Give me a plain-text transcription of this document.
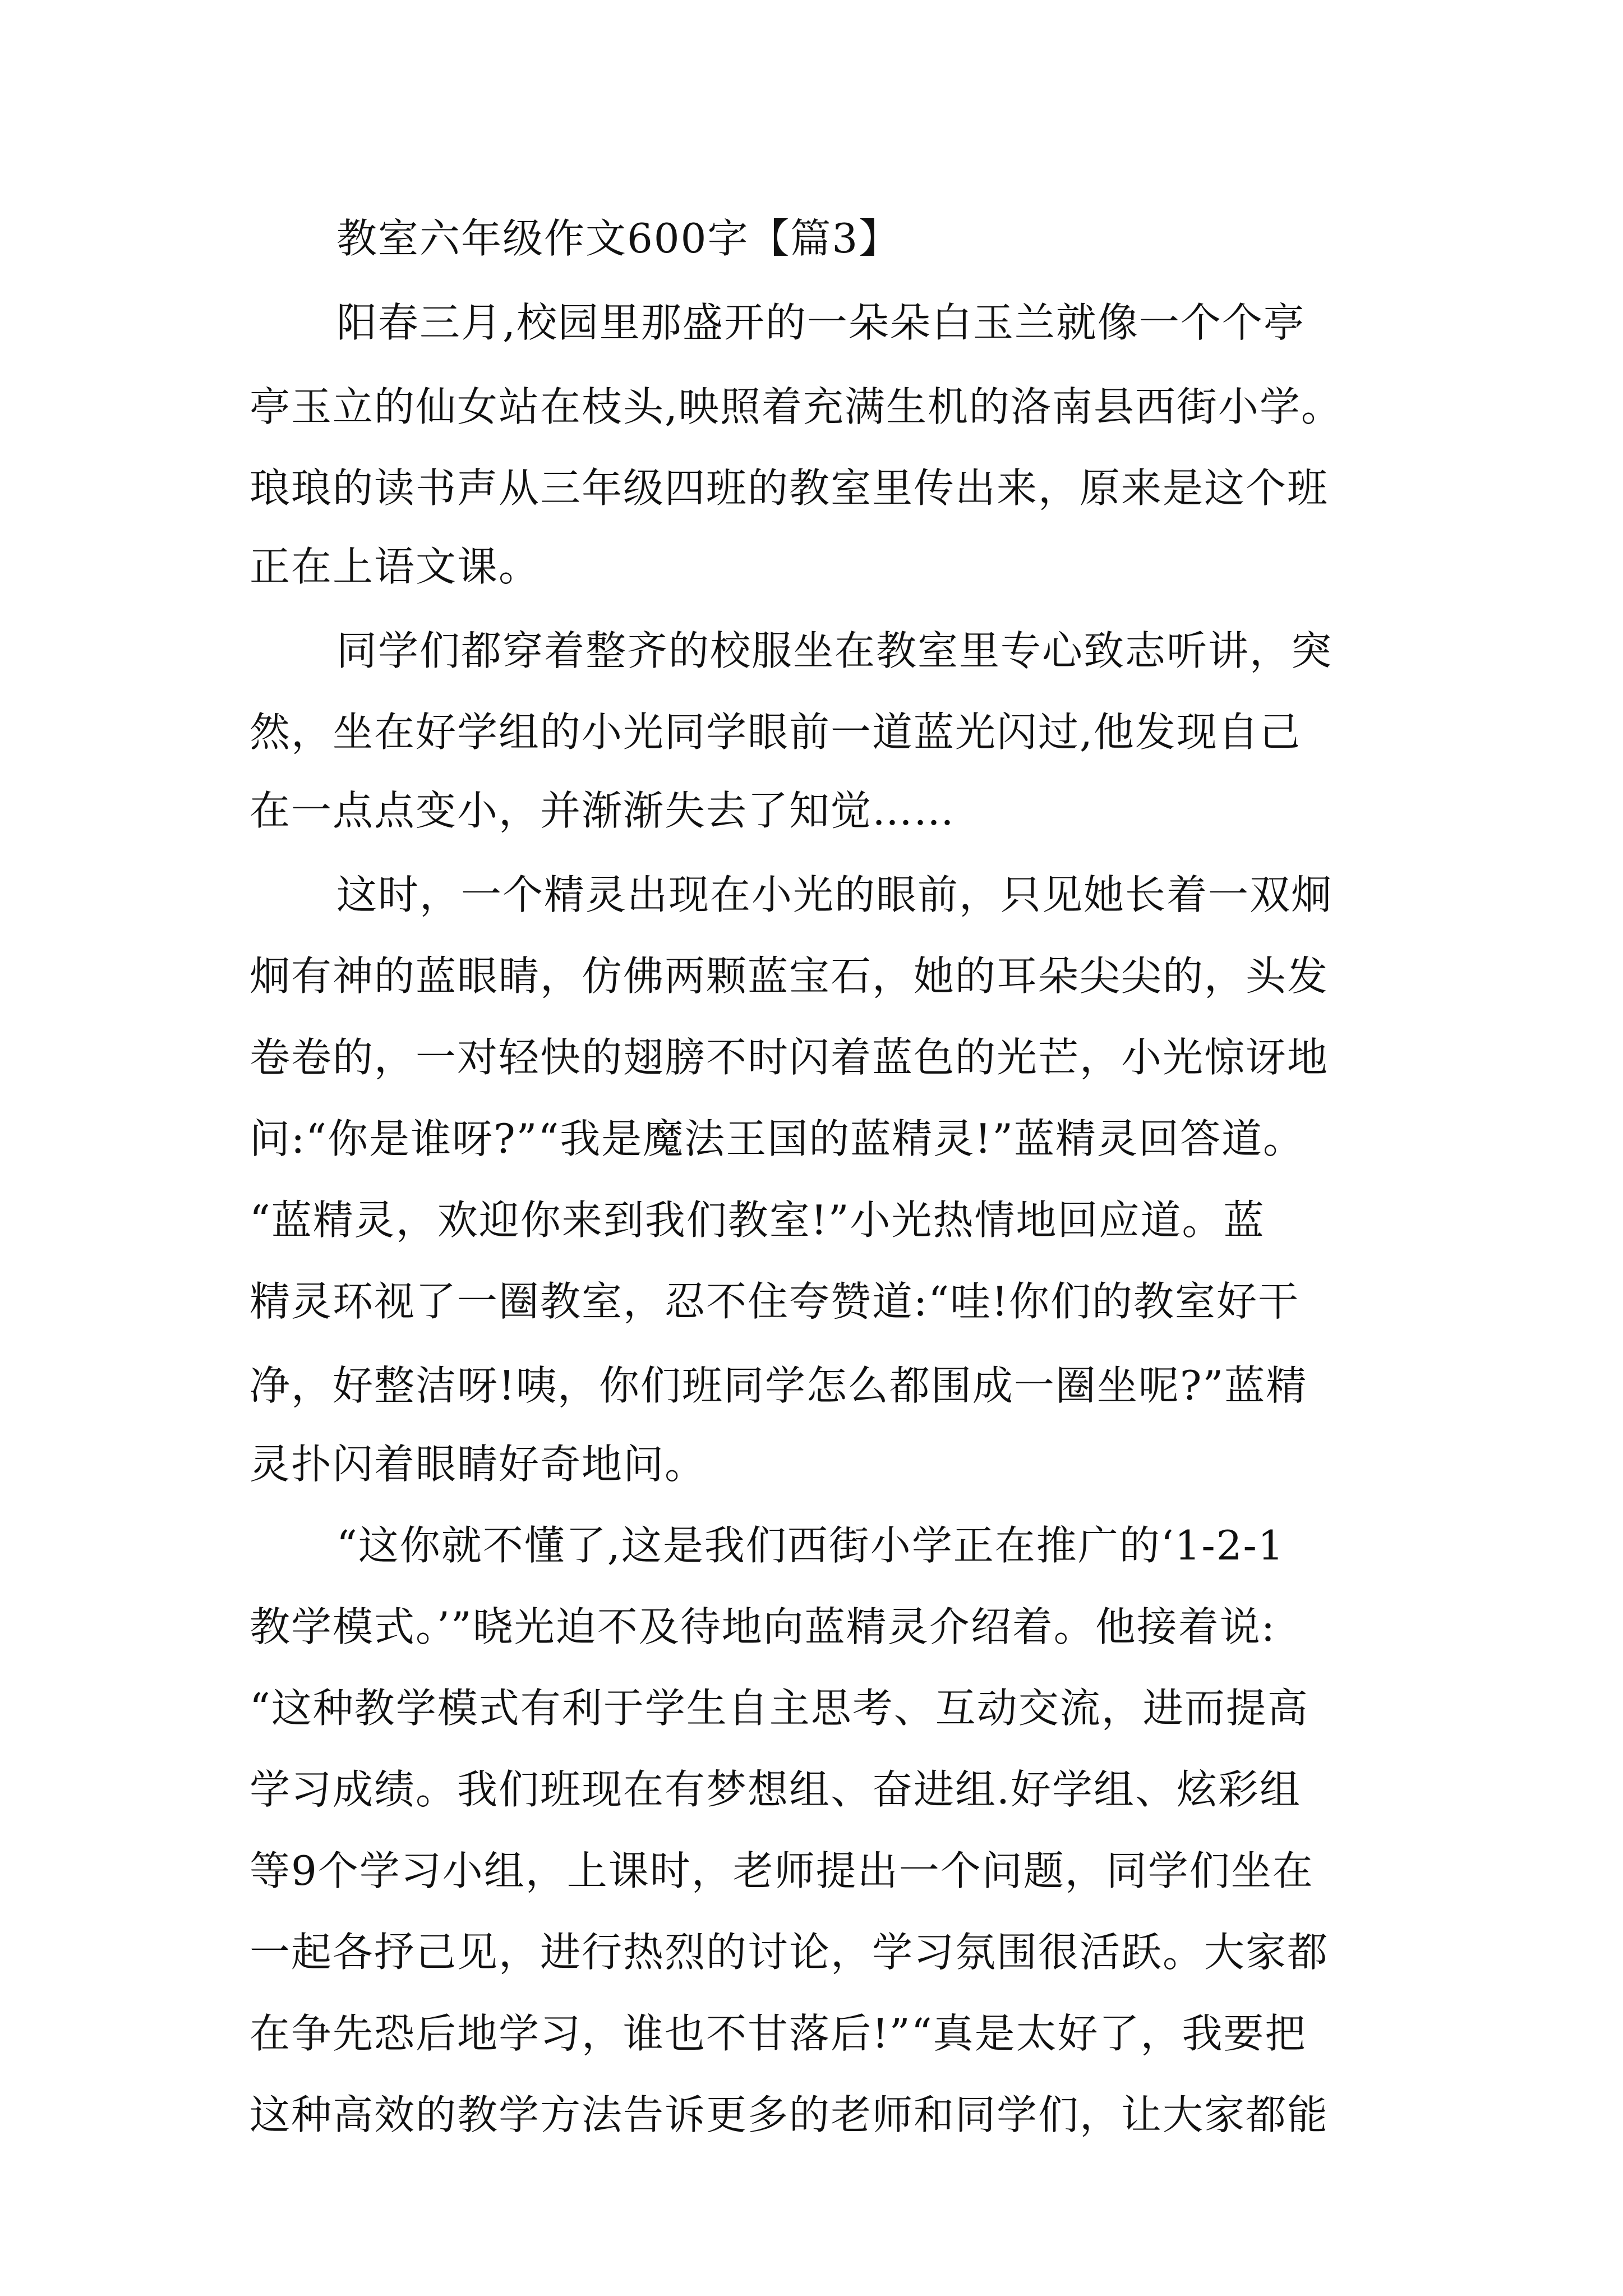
教室六年级作文600字【篇3】
阳春三月,校园里那盛开的一朵朵白玉兰就像一个个亭
亭玉立的仙女站在枝头,映照着充满生机的洛南县西街小学。
琅琅的读书声从三年级四班的教室里传出来，原来是这个班
正在上语文课。
同学们都穿着整齐的校服坐在教室里专心致志听讲，突
然，坐在好学组的小光同学眼前一道蓝光闪过,他发现自己
在一点点变小，并渐渐失去了知觉……
这时，一个精灵出现在小光的眼前，只见她长着一双炯
炯有神的蓝眼睛，仿佛两颗蓝宝石，她的耳朵尖尖的，头发
卷卷的，一对轻快的翅膀不时闪着蓝色的光芒，小光惊讶地
问:“你是谁呀?”“我是魔法王国的蓝精灵!”蓝精灵回答道。
“蓝精灵，欢迎你来到我们教室!”小光热情地回应道。蓝
精灵环视了一圈教室，忍不住夸赞道:“哇!你们的教室好干
净，好整洁呀!咦，你们班同学怎么都围成一圈坐呢?”蓝精
灵扑闪着眼睛好奇地问。
“这你就不懂了,这是我们西街小学正在推广的‘1-2-1
教学模式。’”晓光迫不及待地向蓝精灵介绍着。他接着说:
“这种教学模式有利于学生自主思考、互动交流，进而提高
学习成绩。我们班现在有梦想组、奋进组.好学组、炫彩组
等9个学习小组，上课时，老师提出一个问题，同学们坐在
一起各抒己见，进行热烈的讨论，学习氛围很活跃。大家都
在争先恐后地学习，谁也不甘落后!”“真是太好了，我要把
这种高效的教学方法告诉更多的老师和同学们，让大家都能
